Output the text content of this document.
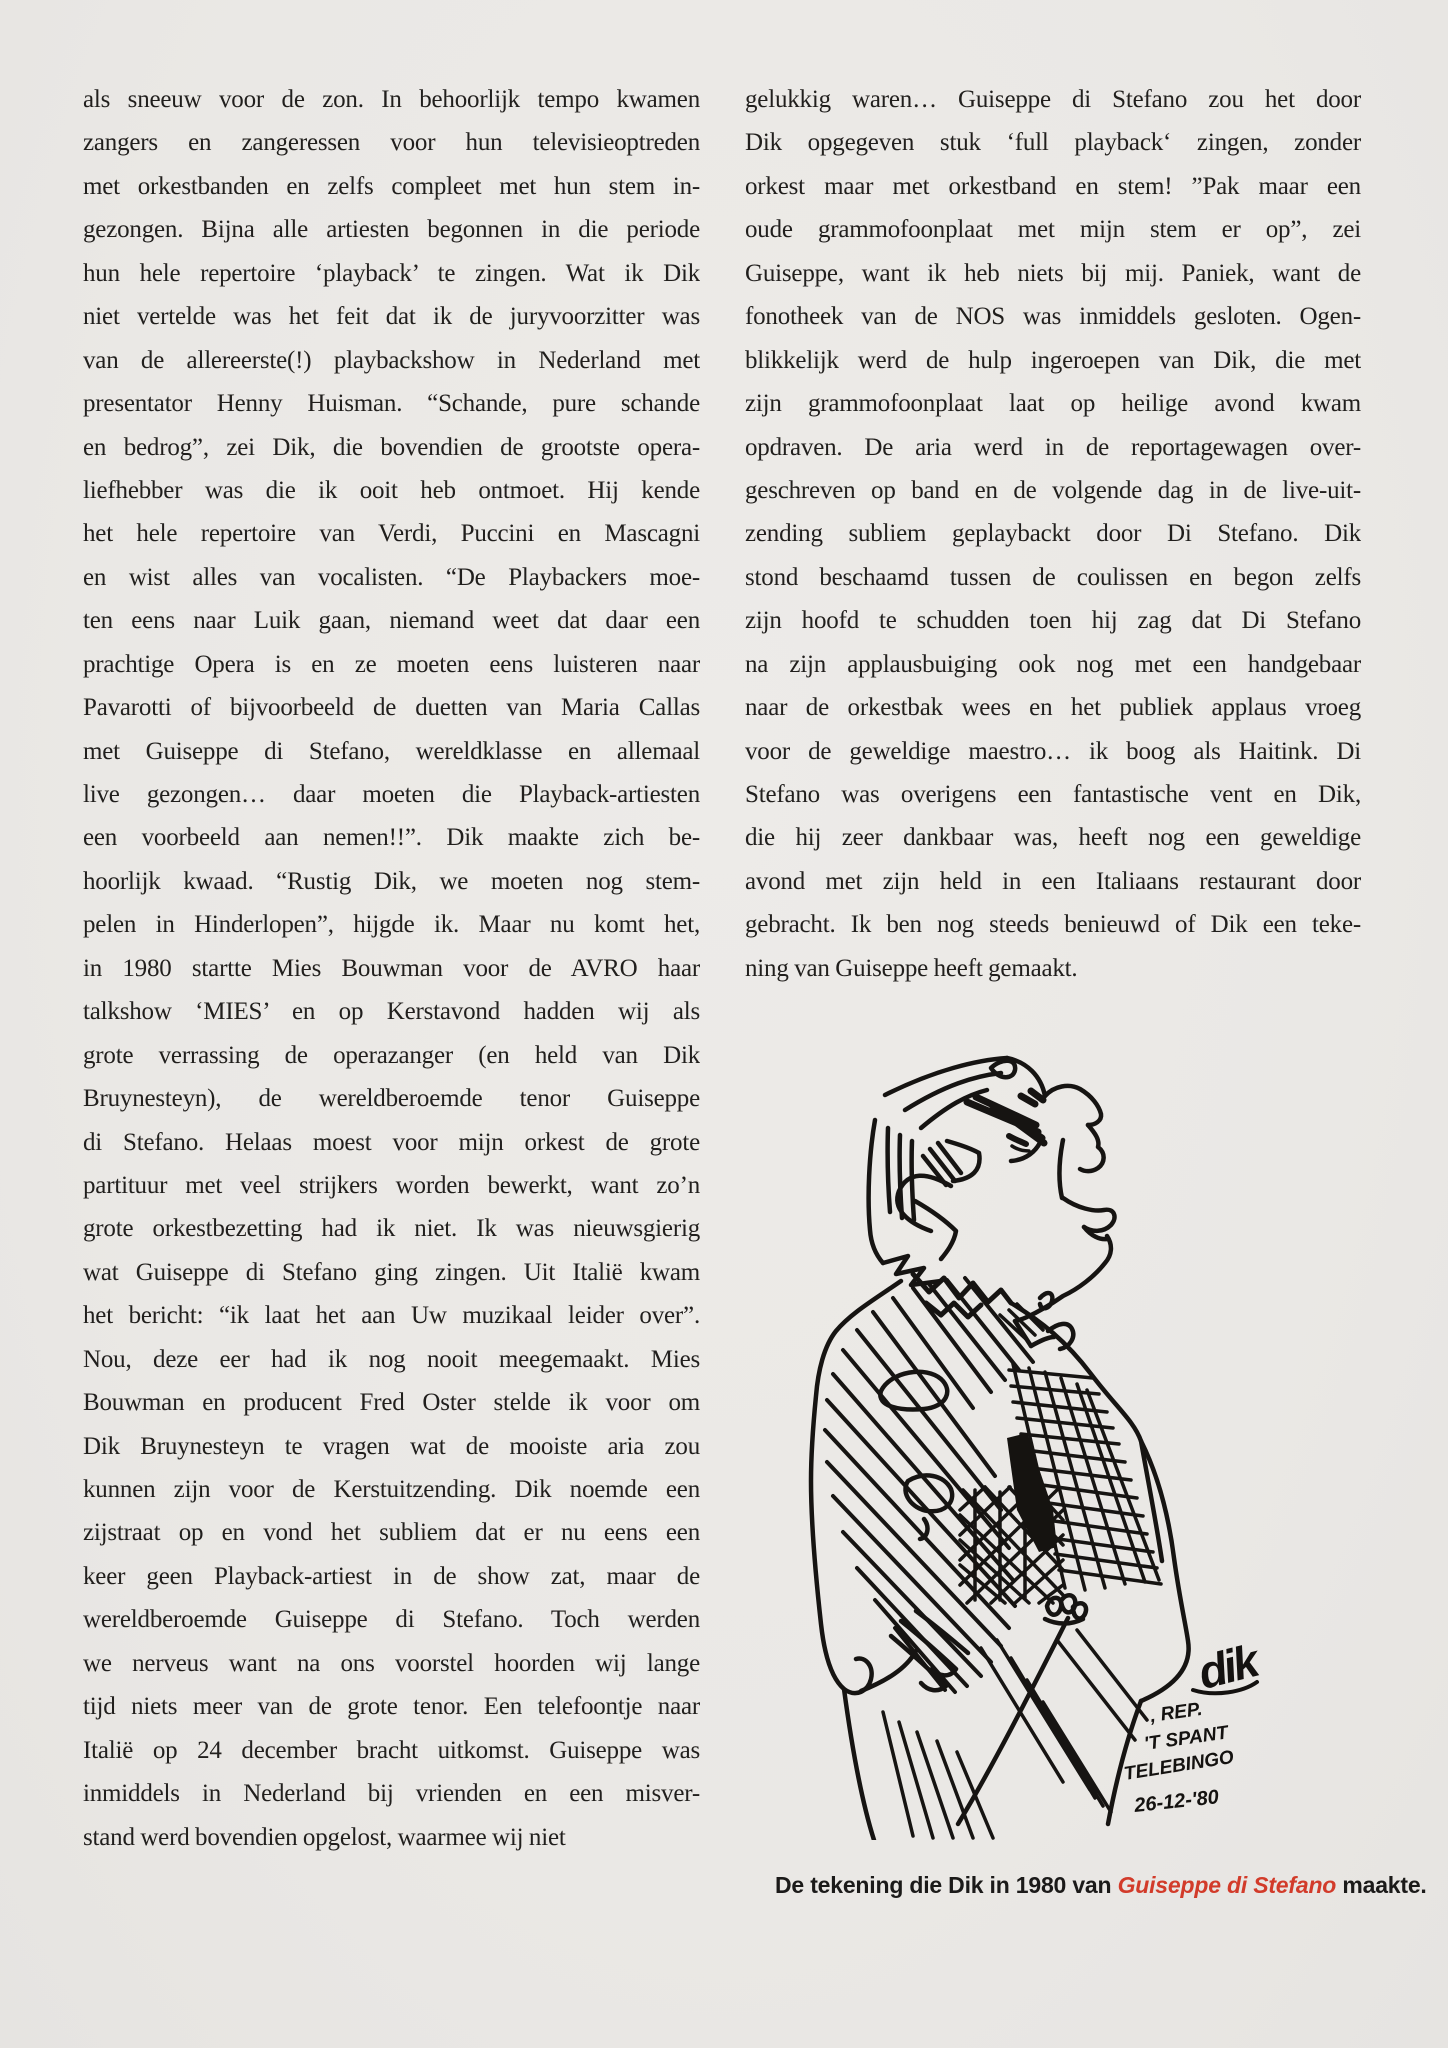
als sneeuw voor de zon. In behoorlijk tempo kwamen
zangers en zangeressen voor hun televisieoptreden
met orkestbanden en zelfs compleet met hun stem in-
gezongen. Bijna alle artiesten begonnen in die periode
hun hele repertoire ‘playback’ te zingen. Wat ik Dik
niet vertelde was het feit dat ik de juryvoorzitter was
van de allereerste(!) playbackshow in Nederland met
presentator Henny Huisman. “Schande, pure schande
en bedrog”, zei Dik, die bovendien de grootste opera-
liefhebber was die ik ooit heb ontmoet. Hij kende
het hele repertoire van Verdi, Puccini en Mascagni
en wist alles van vocalisten. “De Playbackers moe-
ten eens naar Luik gaan, niemand weet dat daar een
prachtige Opera is en ze moeten eens luisteren naar
Pavarotti of bijvoorbeeld de duetten van Maria Callas
met Guiseppe di Stefano, wereldklasse en allemaal
live gezongen… daar moeten die Playback-artiesten
een voorbeeld aan nemen!!”. Dik maakte zich be-
hoorlijk kwaad. “Rustig Dik, we moeten nog stem-
pelen in Hinderlopen”, hijgde ik. Maar nu komt het,
in 1980 startte Mies Bouwman voor de AVRO haar
talkshow ‘MIES’ en op Kerstavond hadden wij als
grote verrassing de operazanger (en held van Dik
Bruynesteyn), de wereldberoemde tenor Guiseppe
di Stefano. Helaas moest voor mijn orkest de grote
partituur met veel strijkers worden bewerkt, want zo’n
grote orkestbezetting had ik niet. Ik was nieuwsgierig
wat Guiseppe di Stefano ging zingen. Uit Italië kwam
het bericht: “ik laat het aan Uw muzikaal leider over”.
Nou, deze eer had ik nog nooit meegemaakt. Mies
Bouwman en producent Fred Oster stelde ik voor om
Dik Bruynesteyn te vragen wat de mooiste aria zou
kunnen zijn voor de Kerstuitzending. Dik noemde een
zijstraat op en vond het subliem dat er nu eens een
keer geen Playback-artiest in de show zat, maar de
wereldberoemde Guiseppe di Stefano. Toch werden
we nerveus want na ons voorstel hoorden wij lange
tijd niets meer van de grote tenor. Een telefoontje naar
Italië op 24 december bracht uitkomst. Guiseppe was
inmiddels in Nederland bij vrienden en een misver-
stand werd bovendien opgelost, waarmee wij niet
gelukkig waren… Guiseppe di Stefano zou het door
Dik opgegeven stuk ‘full playback‘ zingen, zonder
orkest maar met orkestband en stem! ”Pak maar een
oude grammofoonplaat met mijn stem er op”, zei
Guiseppe, want ik heb niets bij mij. Paniek, want de
fonotheek van de NOS was inmiddels gesloten. Ogen-
blikkelijk werd de hulp ingeroepen van Dik, die met
zijn grammofoonplaat laat op heilige avond kwam
opdraven. De aria werd in de reportagewagen over-
geschreven op band en de volgende dag in de live-uit-
zending subliem geplaybackt door Di Stefano. Dik
stond beschaamd tussen de coulissen en begon zelfs
zijn hoofd te schudden toen hij zag dat Di Stefano
na zijn applausbuiging ook nog met een handgebaar
naar de orkestbak wees en het publiek applaus vroeg
voor de geweldige maestro… ik boog als Haitink. Di
Stefano was overigens een fantastische vent en Dik,
die hij zeer dankbaar was, heeft nog een geweldige
avond met zijn held in een Italiaans restaurant door
gebracht. Ik ben nog steeds benieuwd of Dik een teke-
ning van Guiseppe heeft gemaakt.
dik
, REP.
'T SPANT
TELEBINGO
26-12-'80
De tekening die Dik in 1980 van Guiseppe di Stefano maakte.
